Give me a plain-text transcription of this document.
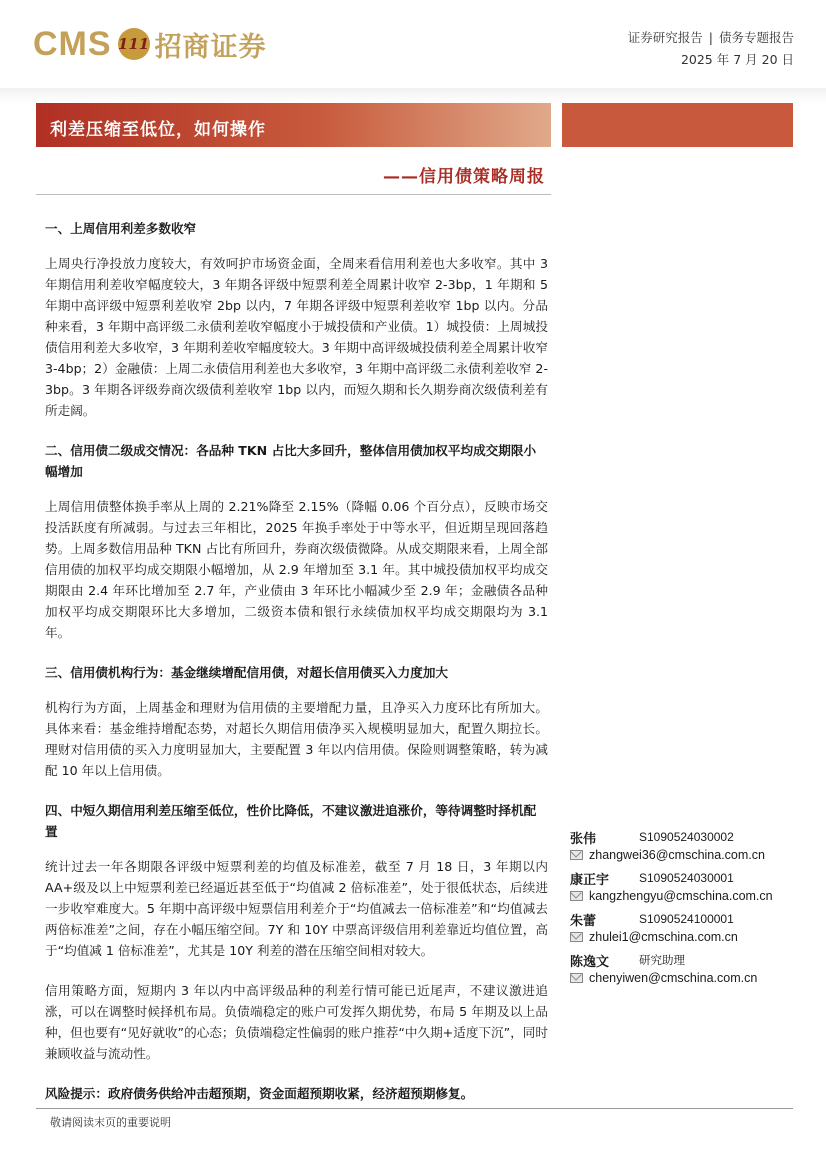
CMS 111 招商证券	证券研究报告 | 债务专题报告
2025 年 7 月 20 日
利差压缩至低位，如何操作
——信用债策略周报
一、上周信用利差多数收窄

上周央行净投放力度较大，有效呵护市场资金面，全周来看信用利差也大多收窄。其中 3 年期信用利差收窄幅度较大，3 年期各评级中短票利差全周累计收窄 2-3bp，1 年期和 5 年期中高评级中短票利差收窄 2bp 以内，7 年期各评级中短票利差收窄 1bp 以内。分品种来看，3 年期中高评级二永债利差收窄幅度小于城投债和产业债。1）城投债：上周城投债信用利差大多收窄，3 年期利差收窄幅度较大。3 年期中高评级城投债利差全周累计收窄 3-4bp；2）金融债：上周二永债信用利差也大多收窄，3 年期中高评级二永债利差收窄 2-3bp。3 年期各评级券商次级债利差收窄 1bp 以内，而短久期和长久期券商次级债利差有所走阔。

二、信用债二级成交情况：各品种 TKN 占比大多回升，整体信用债加权平均成交期限小幅增加

上周信用债整体换手率从上周的 2.21%降至 2.15%（降幅 0.06 个百分点），反映市场交投活跃度有所减弱。与过去三年相比，2025 年换手率处于中等水平，但近期呈现回落趋势。上周多数信用品种 TKN 占比有所回升，券商次级债微降。从成交期限来看，上周全部信用债的加权平均成交期限小幅增加，从 2.9 年增加至 3.1 年。其中城投债加权平均成交期限由 2.4 年环比增加至 2.7 年，产业债由 3 年环比小幅减少至 2.9 年；金融债各品种加权平均成交期限环比大多增加，二级资本债和银行永续债加权平均成交期限均为 3.1 年。

三、信用债机构行为：基金继续增配信用债，对超长信用债买入力度加大

机构行为方面，上周基金和理财为信用债的主要增配力量，且净买入力度环比有所加大。具体来看：基金维持增配态势，对超长久期信用债净买入规模明显加大，配置久期拉长。理财对信用债的买入力度明显加大，主要配置 3 年以内信用债。保险则调整策略，转为减配 10 年以上信用债。

四、中短久期信用利差压缩至低位，性价比降低，不建议激进追涨价，等待调整时择机配置

统计过去一年各期限各评级中短票利差的均值及标准差，截至 7 月 18 日，3 年期以内 AA+级及以上中短票利差已经逼近甚至低于“均值减 2 倍标准差”，处于很低状态，后续进一步收窄难度大。5 年期中高评级中短票信用利差介于“均值减去一倍标准差”和“均值减去两倍标准差”之间，存在小幅压缩空间。7Y 和 10Y 中票高评级信用利差靠近均值位置，高于“均值减 1 倍标准差”，尤其是 10Y 利差的潜在压缩空间相对较大。

信用策略方面，短期内 3 年以内中高评级品种的利差行情可能已近尾声，不建议激进追涨，可以在调整时候择机布局。负债端稳定的账户可发挥久期优势，布局 5 年期及以上品种，但也要有“见好就收”的心态；负债端稳定性偏弱的账户推荐“中久期+适度下沉”，同时兼顾收益与流动性。

风险提示：政府债务供给冲击超预期，资金面超预期收紧，经济超预期修复。

张伟	S1090524030002
zhangwei36@cmschina.com.cn
康正宇	S1090524030001
kangzhengyu@cmschina.com.cn
朱蕾	S1090524100001
zhulei1@cmschina.com.cn
陈逸文	研究助理
chenyiwen@cmschina.com.cn
敬请阅读末页的重要说明
